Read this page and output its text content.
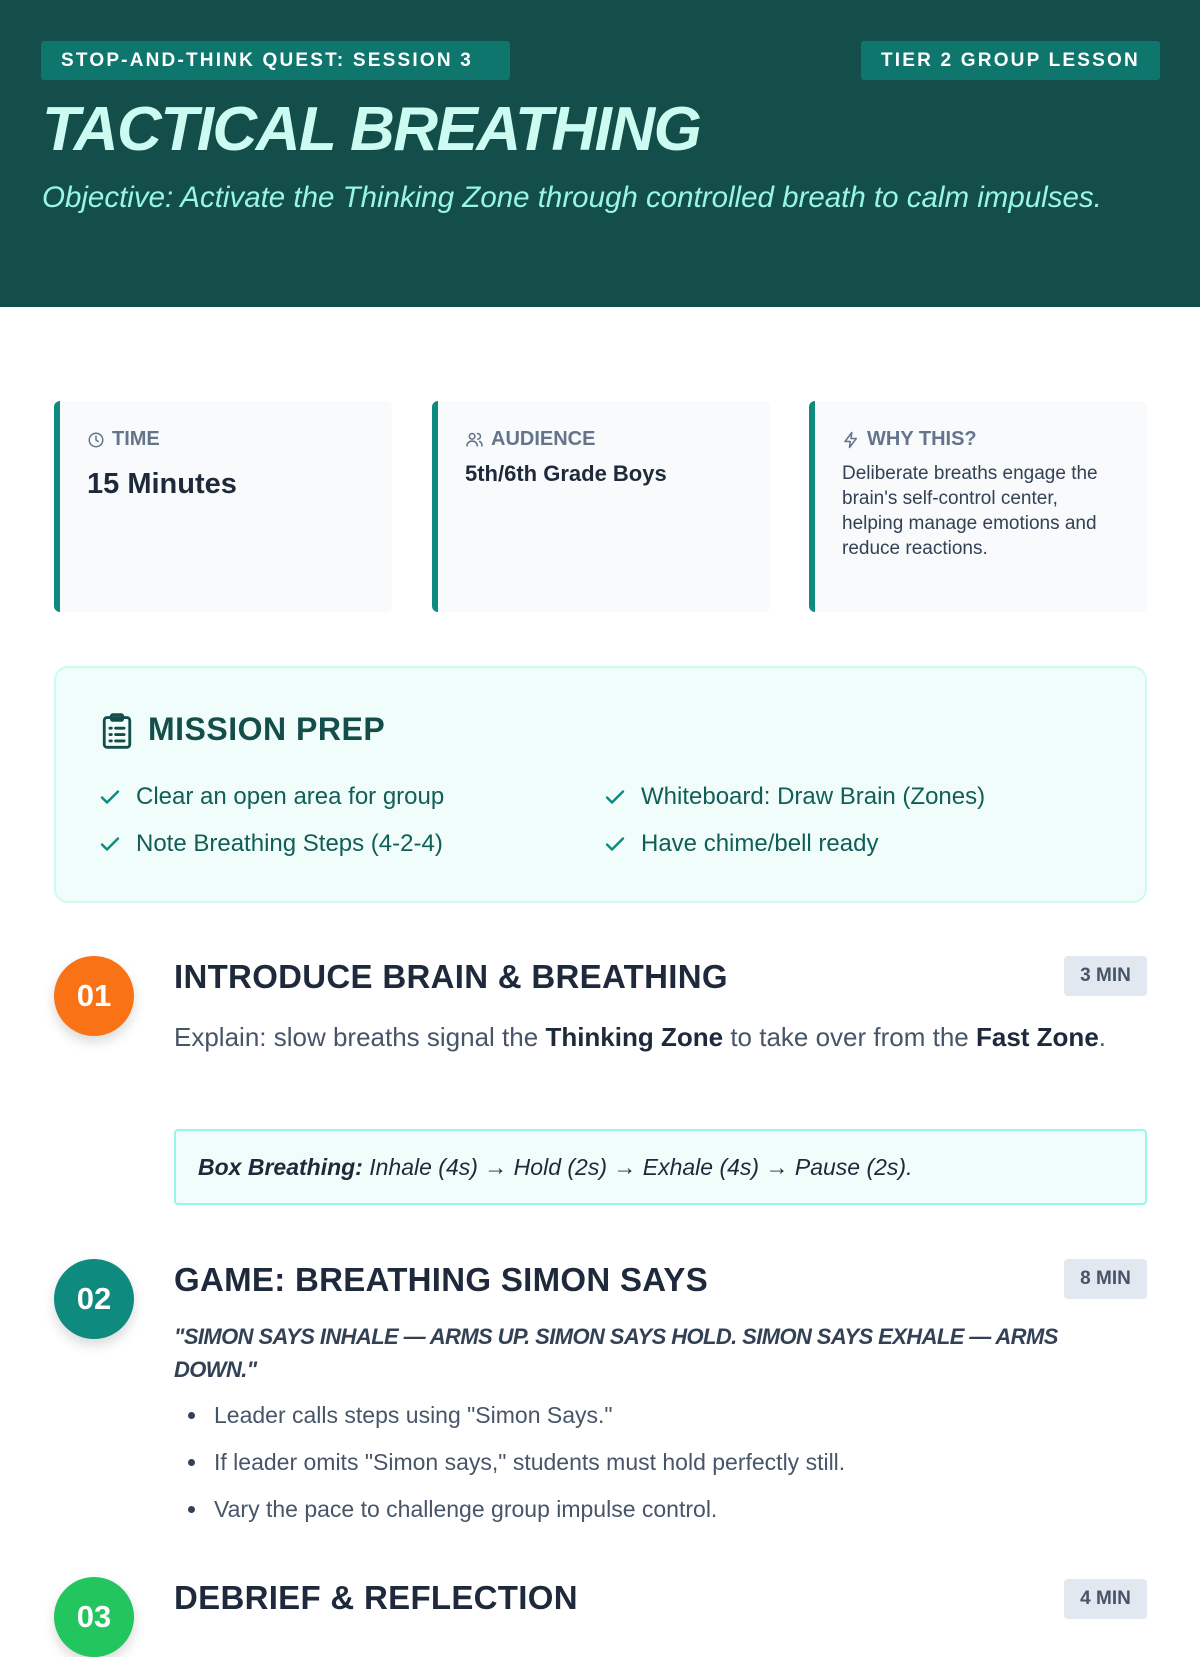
STOP-AND-THINK QUEST: SESSION 3	TIER 2 GROUP LESSON
TACTICAL BREATHING
Objective: Activate the Thinking Zone through controlled breath to calm impulses.
TIME
15 Minutes
AUDIENCE
5th/6th Grade Boys
WHY THIS?
Deliberate breaths engage the brain's self-control center, helping manage emotions and reduce reactions.
MISSION PREP
Clear an open area for group	Whiteboard: Draw Brain (Zones)
Note Breathing Steps (4-2-4)	Have chime/bell ready
01
INTRODUCE BRAIN & BREATHING	3 MIN
Explain: slow breaths signal the Thinking Zone to take over from the Fast Zone.
Box Breathing: Inhale (4s) → Hold (2s) → Exhale (4s) → Pause (2s).
02
GAME: BREATHING SIMON SAYS	8 MIN
"SIMON SAYS INHALE — ARMS UP. SIMON SAYS HOLD. SIMON SAYS EXHALE — ARMS DOWN."
Leader calls steps using "Simon Says."
If leader omits "Simon says," students must hold perfectly still.
Vary the pace to challenge group impulse control.
03
DEBRIEF & REFLECTION	4 MIN
